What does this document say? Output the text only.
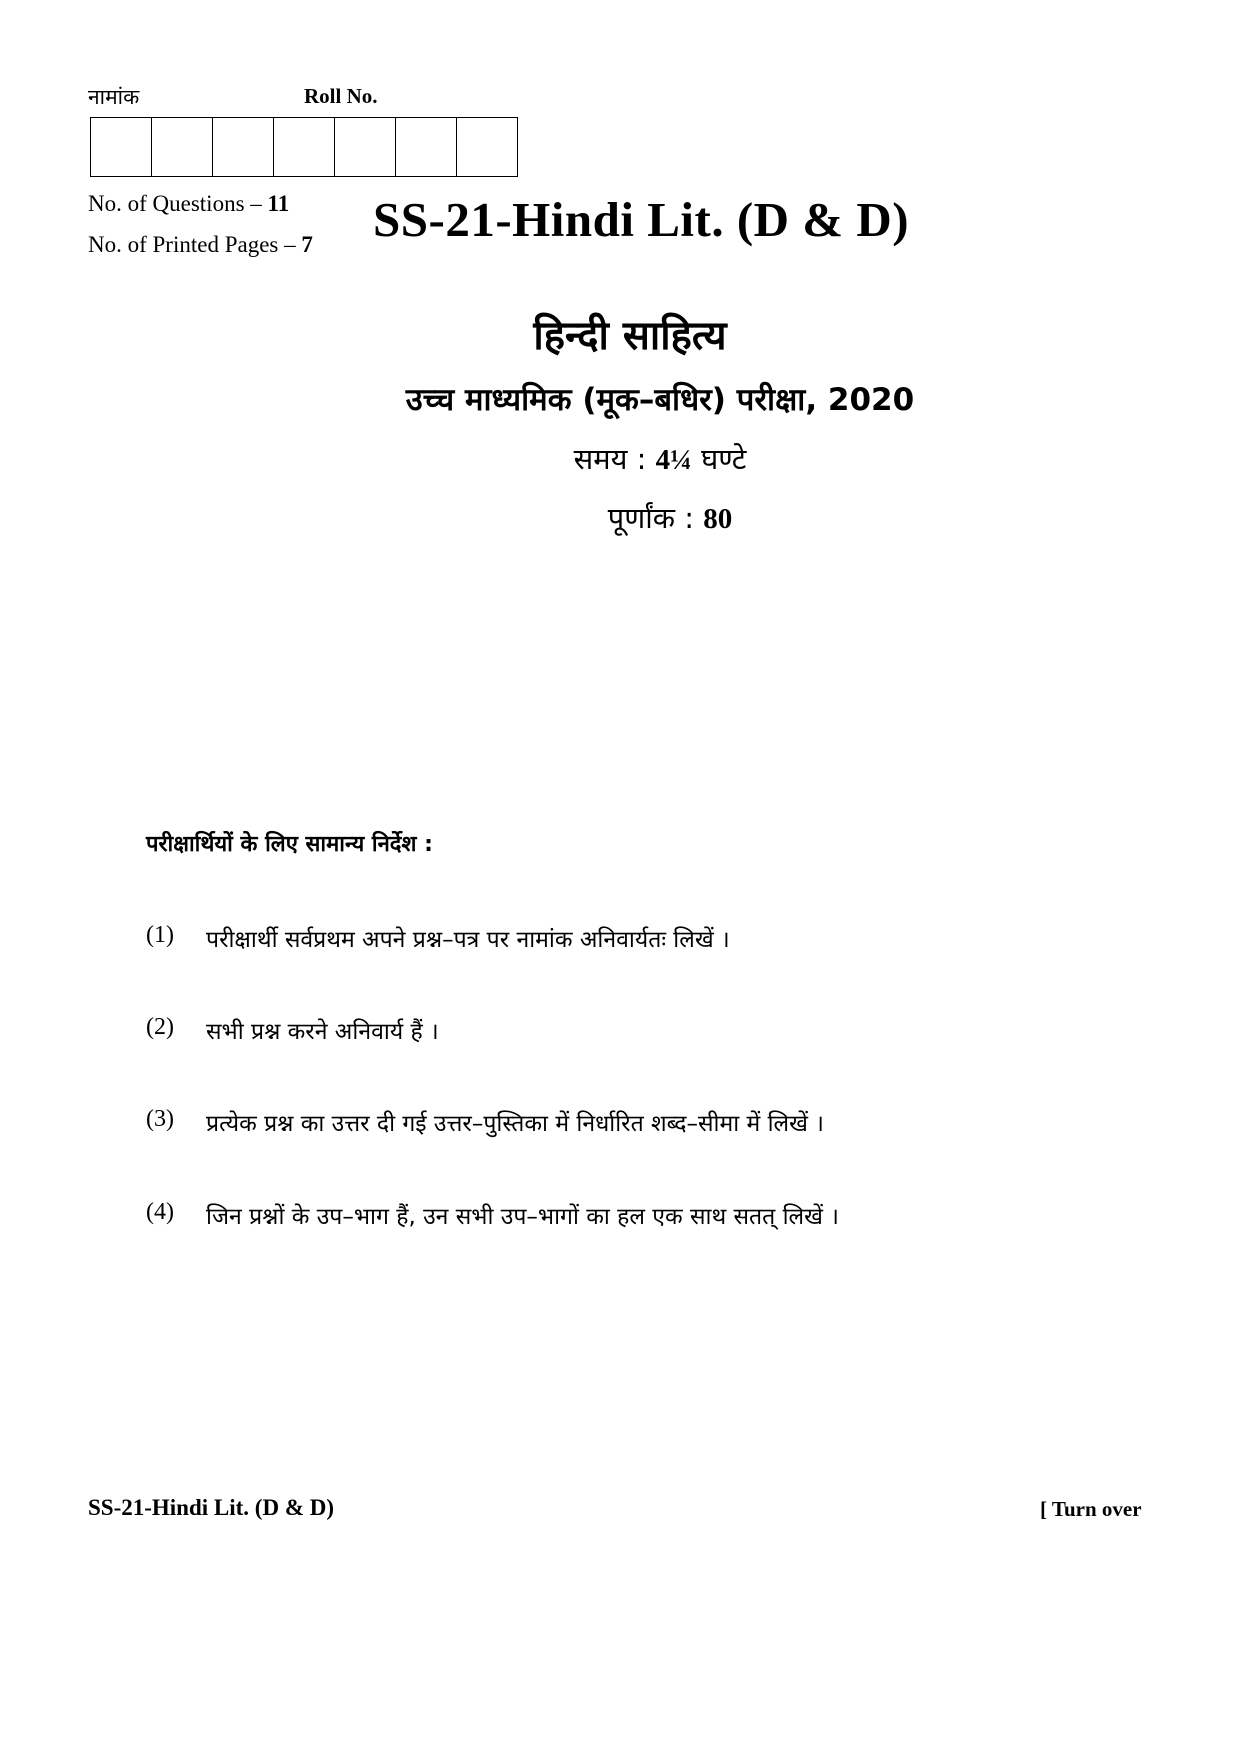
नामांक	Roll No.
No. of Questions – 11
No. of Printed Pages – 7 SS-21-Hindi Lit. (D & D)
हिन्दी साहित्य
उच्च माध्यमिक (मूक–बधिर) परीक्षा, 2020
समय : 4¼ घण्टे
पूर्णांक : 80
परीक्षार्थियों के लिए सामान्य निर्देश :
(1)	परीक्षार्थी सर्वप्रथम अपने प्रश्न–पत्र पर नामांक अनिवार्यतः लिखें ।
(2)	सभी प्रश्न करने अनिवार्य हैं ।
(3)	प्रत्येक प्रश्न का उत्तर दी गई उत्तर–पुस्तिका में निर्धारित शब्द–सीमा में लिखें ।
(4)	जिन प्रश्नों के उप–भाग हैं, उन सभी उप–भागों का हल एक साथ सतत् लिखें ।
SS-21-Hindi Lit. (D & D)	[ Turn over
